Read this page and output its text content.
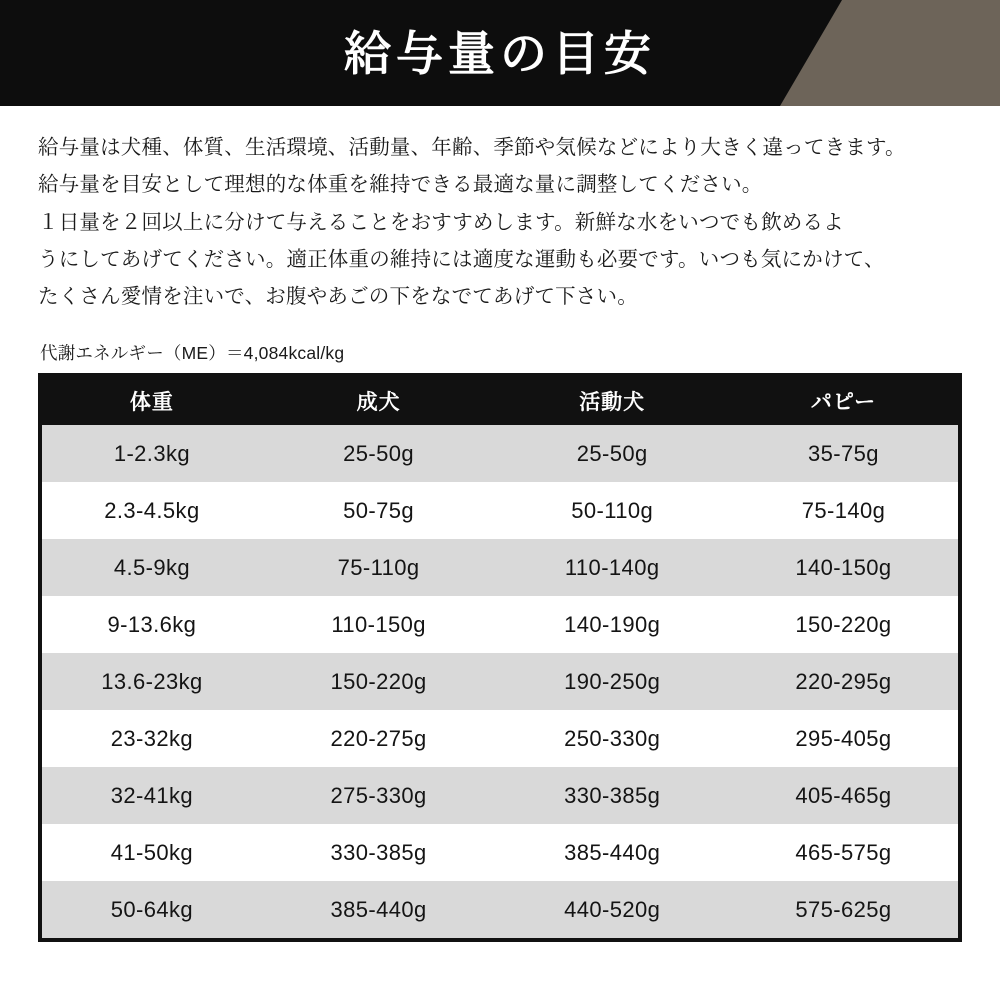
給与量の目安

給与量は犬種、体質、生活環境、活動量、年齢、季節や気候などにより大きく違ってきます。

給与量を目安として理想的な体重を維持できる最適な量に調整してください。

１日量を２回以上に分けて与えることをおすすめします。新鮮な水をいつでも飲めるよ

うにしてあげてください。適正体重の維持には適度な運動も必要です。いつも気にかけて、

たくさん愛情を注いで、お腹やあごの下をなでてあげて下さい。

代謝エネルギー（ME）＝4,084kcal/kg
体重	成犬	活動犬	パピー
1-2.3kg	25-50g	25-50g	35-75g
2.3-4.5kg	50-75g	50-110g	75-140g
4.5-9kg	75-110g	110-140g	140-150g
9-13.6kg	110-150g	140-190g	150-220g
13.6-23kg	150-220g	190-250g	220-295g
23-32kg	220-275g	250-330g	295-405g
32-41kg	275-330g	330-385g	405-465g
41-50kg	330-385g	385-440g	465-575g
50-64kg	385-440g	440-520g	575-625g
